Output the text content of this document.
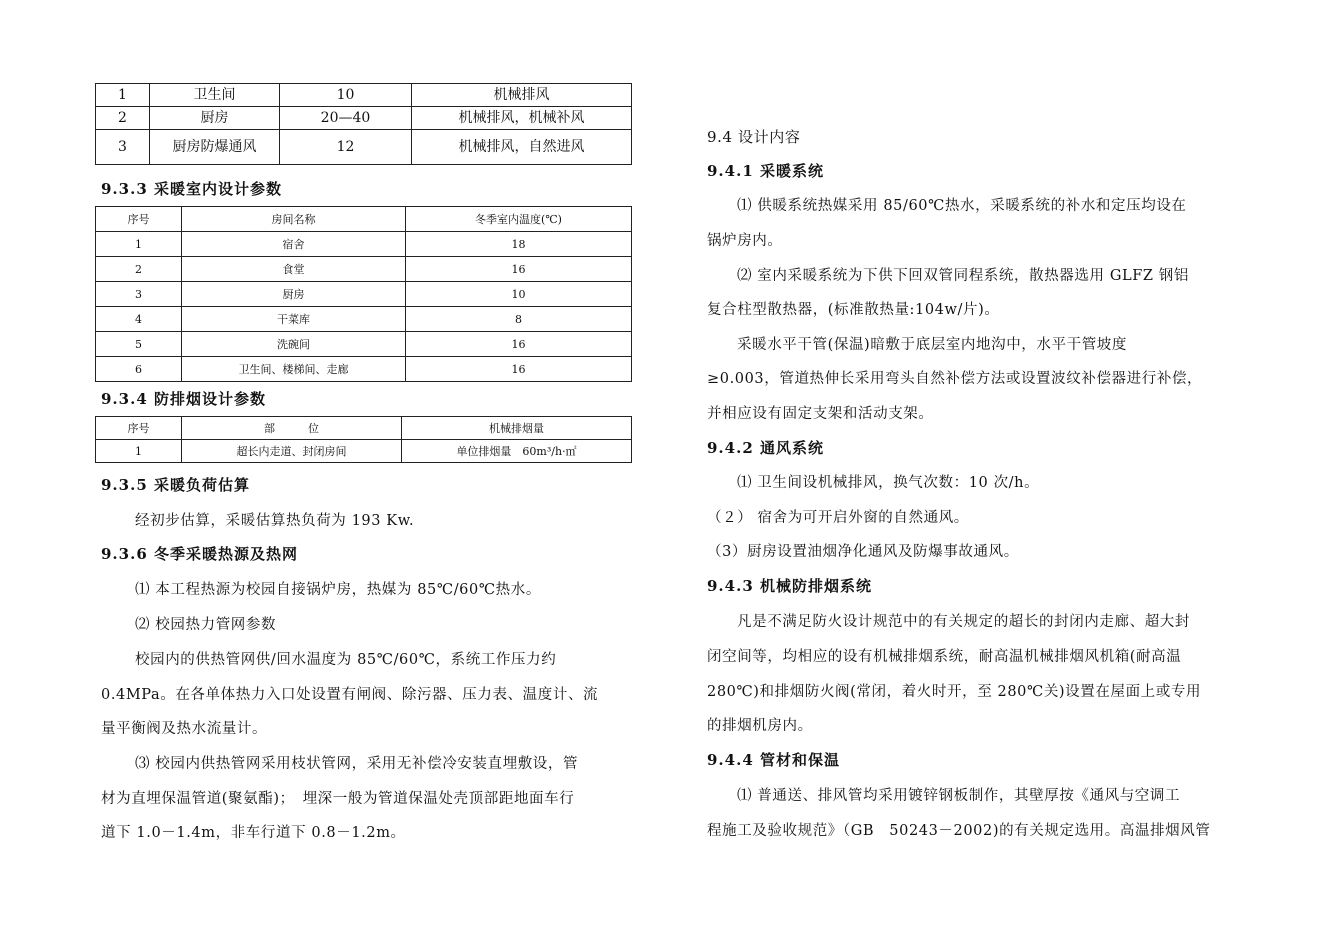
1	卫生间	10	机械排风
2	厨房	20—40	机械排风，机械补风
3	厨房防爆通风	12	机械排风，自然进风
9.3.3 采暖室内设计参数
序号	房间名称	冬季室内温度(℃)
1	宿舍	18
2	食堂	16
3	厨房	10
4	干菜库	8
5	洗碗间	16
6	卫生间、楼梯间、走廊	16
9.3.4 防排烟设计参数
序号	部　　　位	机械排烟量
1	超长内走道、封闭房间	单位排烟量　60m³/h·㎡
9.3.5 采暖负荷估算
经初步估算，采暖估算热负荷为 193 Kw.
9.3.6 冬季采暖热源及热网
⑴ 本工程热源为校园自接锅炉房，热媒为 85℃/60℃热水。
⑵ 校园热力管网参数
校园内的供热管网供/回水温度为 85℃/60℃，系统工作压力约
0.4MPa。在各单体热力入口处设置有闸阀、除污器、压力表、温度计、流
量平衡阀及热水流量计。
⑶ 校园内供热管网采用枝状管网，采用无补偿冷安装直埋敷设，管
材为直埋保温管道(聚氨酯)；　埋深一般为管道保温处壳顶部距地面车行
道下 1.0－1.4m，非车行道下 0.8－1.2m。
9.4 设计内容
9.4.1 采暖系统
⑴ 供暖系统热媒采用 85/60℃热水，采暖系统的补水和定压均设在
锅炉房内。
⑵ 室内采暖系统为下供下回双管同程系统，散热器选用 GLFZ 钢铝
复合柱型散热器，(标准散热量:104w/片)。
采暖水平干管(保温)暗敷于底层室内地沟中，水平干管坡度
≥0.003，管道热伸长采用弯头自然补偿方法或设置波纹补偿器进行补偿，
并相应设有固定支架和活动支架。
9.4.2 通风系统
⑴ 卫生间设机械排风，换气次数：10 次/h。
（２） 宿舍为可开启外窗的自然通风。
（3）厨房设置油烟净化通风及防爆事故通风。
9.4.3 机械防排烟系统
凡是不满足防火设计规范中的有关规定的超长的封闭内走廊、超大封
闭空间等，均相应的设有机械排烟系统，耐高温机械排烟风机箱(耐高温
280℃)和排烟防火阀(常闭，着火时开，至 280℃关)设置在屋面上或专用
的排烟机房内。
9.4.4 管材和保温
⑴ 普通送、排风管均采用镀锌钢板制作，其壁厚按《通风与空调工
程施工及验收规范》（GB　50243－2002)的有关规定选用。高温排烟风管
